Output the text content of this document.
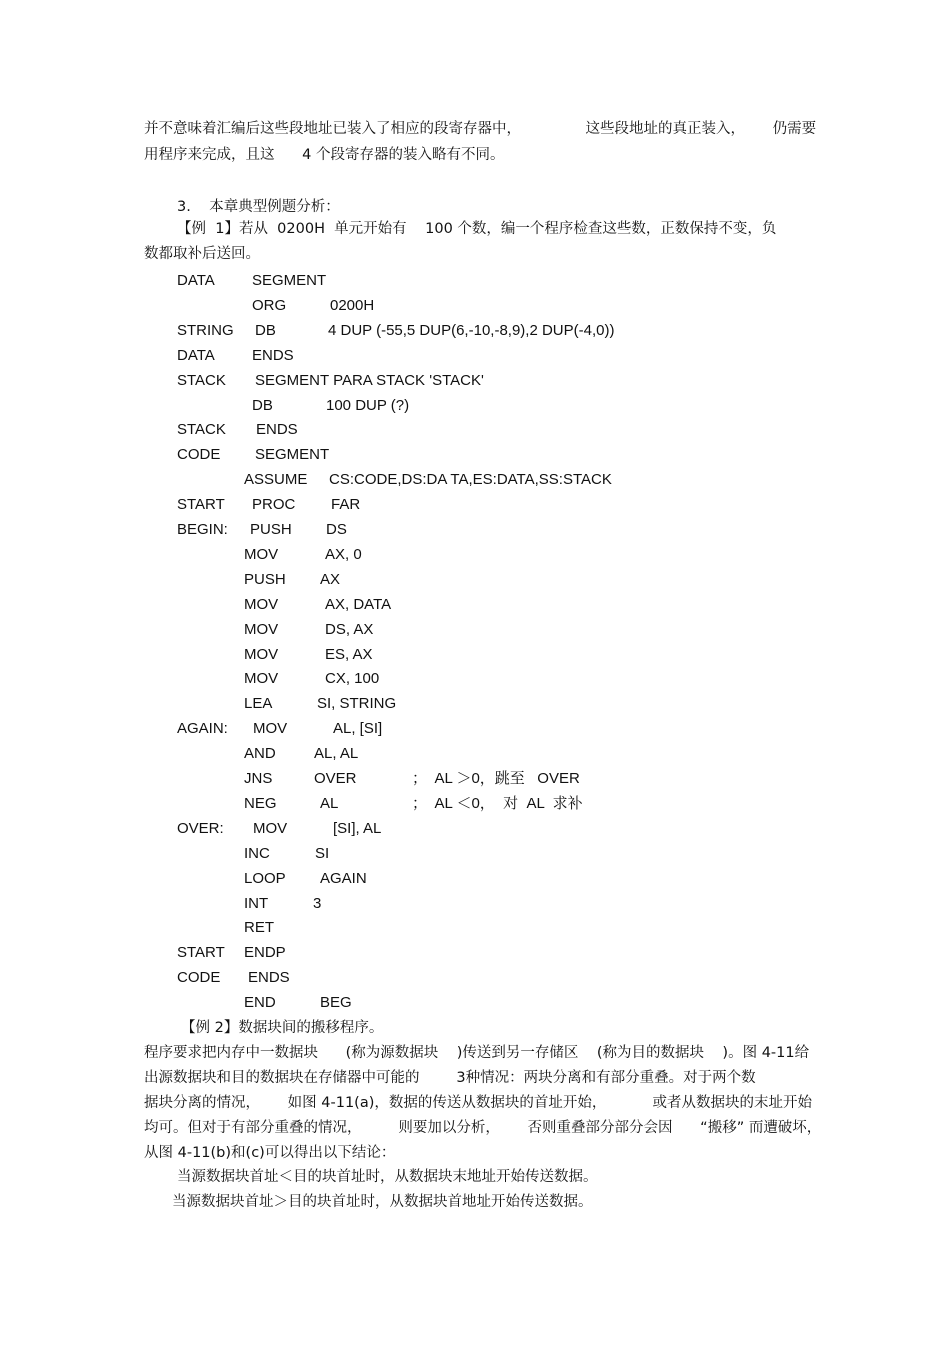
并不意味着汇编后这些段地址已装入了相应的段寄存器中，              这些段地址的真正装入，      仍需要
用程序来完成，且这      4 个段寄存器的装入略有不同。
3.    本章典型例题分析：
【例  1】若从  0200H  单元开始有    100 个数，编一个程序检查这些数，正数保持不变，负
数都取补后送回。
DATA SEGMENT
ORG	0200H
STRING DB	4 DUP (-55,5 DUP(6,-10,-8,9),2 DUP(-4,0))
DATA ENDS
STACK SEGMENT PARA STACK 'STACK'
DB	100 DUP (?)
STACK ENDS
CODE SEGMENT
ASSUME CS:CODE,DS:DA TA,ES:DATA,SS:STACK
START PROC FAR
BEGIN: PUSH DS
MOV	AX, 0
PUSH AX
MOV	AX, DATA
MOV	DS, AX
MOV	ES, AX
MOV	CX, 100
LEA	SI, STRING
AGAIN: MOV	AL, [SI]
AND	AL, AL
JNS	OVER	；  AL ＞0，跳至   OVER
NEG	AL	；  AL ＜0，  对  AL  求补
OVER: MOV	[SI], AL
INC	SI
LOOP AGAIN
INT	3
RET
START ENDP
CODE ENDS
END	BEG
【例 2】数据块间的搬移程序。
程序要求把内存中一数据块      (称为源数据块    )传送到另一存储区    (称为目的数据块    )。图 4-11给
出源数据块和目的数据块在存储器中可能的        3种情况：两块分离和有部分重叠。对于两个数
据块分离的情况，      如图 4-11(a)，数据的传送从数据块的首址开始，          或者从数据块的末址开始
均可。但对于有部分重叠的情况，        则要加以分析，      否则重叠部分部分会因      “搬移” 而遭破坏，
从图 4-11(b)和(c)可以得出以下结论：
当源数据块首址＜目的块首址时，从数据块末地址开始传送数据。
当源数据块首址＞目的块首址时，从数据块首地址开始传送数据。
